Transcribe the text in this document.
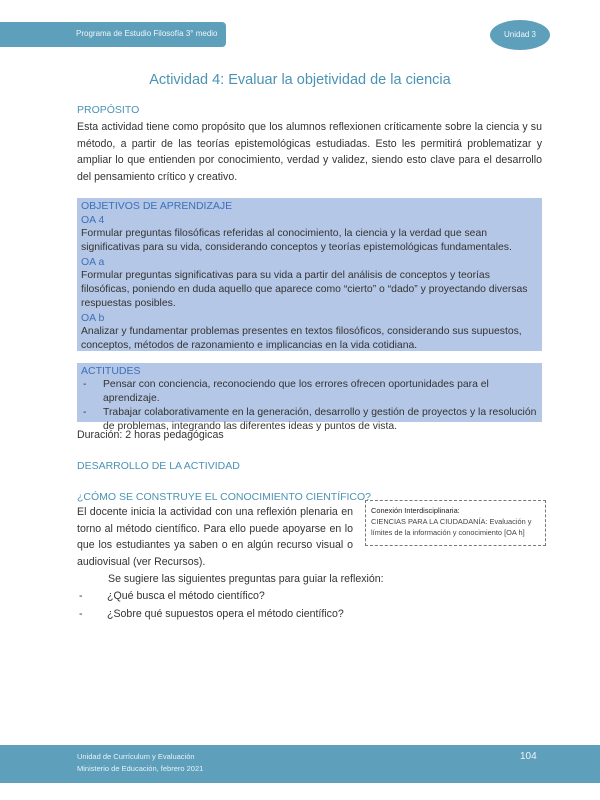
Programa de Estudio Filosofía 3° medio	Unidad 3
Actividad 4: Evaluar la objetividad de la ciencia
PROPÓSITO
Esta actividad tiene como propósito que los alumnos reflexionen críticamente sobre la ciencia y su método, a partir de las teorías epistemológicas estudiadas. Esto les permitirá problematizar y ampliar lo que entienden por conocimiento, verdad y validez, siendo esto clave para el desarrollo del pensamiento crítico y creativo.
OBJETIVOS DE APRENDIZAJE
OA 4
Formular preguntas filosóficas referidas al conocimiento, la ciencia y la verdad que sean significativas para su vida, considerando conceptos y teorías epistemológicas fundamentales.
OA a
Formular preguntas significativas para su vida a partir del análisis de conceptos y teorías filosóficas, poniendo en duda aquello que aparece como “cierto” o “dado” y proyectando diversas respuestas posibles.
OA b
Analizar y fundamentar problemas presentes en textos filosóficos, considerando sus supuestos, conceptos, métodos de razonamiento e implicancias en la vida cotidiana.
ACTITUDES
-	Pensar con conciencia, reconociendo que los errores ofrecen oportunidades para el aprendizaje.
-	Trabajar colaborativamente en la generación, desarrollo y gestión de proyectos y la resolución de problemas, integrando las diferentes ideas y puntos de vista.
Duración: 2 horas pedagógicas
DESARROLLO DE LA ACTIVIDAD
¿CÓMO SE CONSTRUYE EL CONOCIMIENTO CIENTÍFICO?
El docente inicia la actividad con una reflexión plenaria en torno al método científico. Para ello puede apoyarse en lo que los estudiantes ya saben o en algún recurso visual o audiovisual (ver Recursos).
Conexión Interdisciplinaria:
CIENCIAS PARA LA CIUDADANÍA: Evaluación y límites de la información y conocimiento [OA h]
Se sugiere las siguientes preguntas para guiar la reflexión:
-	¿Qué busca el método científico?
-	¿Sobre qué supuestos opera el método científico?
Unidad de Currículum y Evaluación
Ministerio de Educación, febrero 2021
104
